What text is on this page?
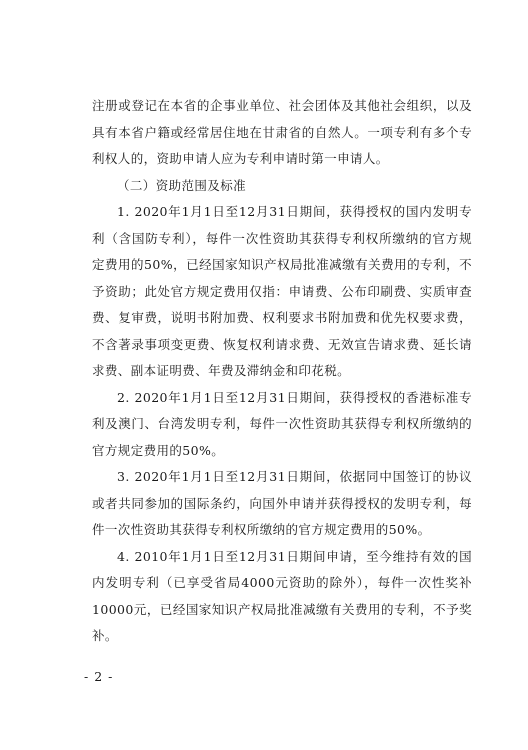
注册或登记在本省的企事业单位、社会团体及其他社会组织，以及具有本省户籍或经常居住地在甘肃省的自然人。一项专利有多个专利权人的，资助申请人应为专利申请时第一申请人。

（二）资助范围及标准

1. 2020年1月1日至12月31日期间，获得授权的国内发明专利（含国防专利），每件一次性资助其获得专利权所缴纳的官方规定费用的50%，已经国家知识产权局批准减缴有关费用的专利，不予资助；此处官方规定费用仅指：申请费、公布印刷费、实质审查费、复审费，说明书附加费、权利要求书附加费和优先权要求费，不含著录事项变更费、恢复权利请求费、无效宣告请求费、延长请求费、副本证明费、年费及滞纳金和印花税。

2. 2020年1月1日至12月31日期间，获得授权的香港标准专利及澳门、台湾发明专利，每件一次性资助其获得专利权所缴纳的官方规定费用的50%。

3. 2020年1月1日至12月31日期间，依据同中国签订的协议或者共同参加的国际条约，向国外申请并获得授权的发明专利，每件一次性资助其获得专利权所缴纳的官方规定费用的50%。

4. 2010年1月1日至12月31日期间申请，至今维持有效的国内发明专利（已享受省局4000元资助的除外），每件一次性奖补10000元，已经国家知识产权局批准减缴有关费用的专利，不予奖补。

- 2 -
